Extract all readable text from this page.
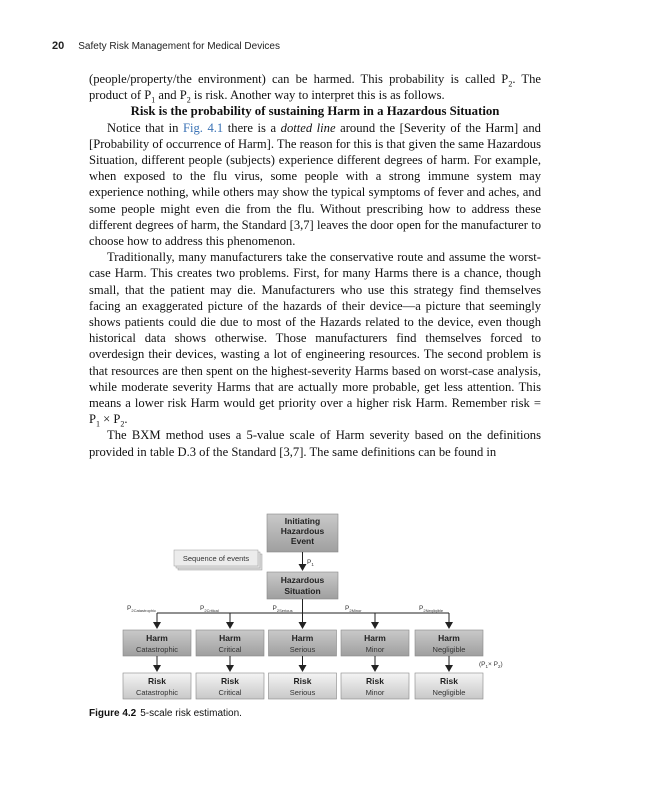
20 Safety Risk Management for Medical Devices

(people/property/the environment) can be harmed. This probability is called $P_2$. The product of $P_1$ and $P_2$ is risk. Another way to interpret this is as follows.

Risk is the probability of sustaining Harm in a Hazardous Situation

Notice that in Fig. 4.1 there is a dotted line around the [Severity of the Harm] and [Probability of occurrence of Harm]. The reason for this is that given the same Hazardous Situation, different people (subjects) experience different degrees of harm. For example, when exposed to the flu virus, some people with a strong immune system may experience nothing, while others may show the typical symptoms of fever and aches, and some people might even die from the flu. Without prescribing how to address these different degrees of harm, the Standard [3,7] leaves the door open for the manufacturer to choose how to address this phenomenon.

Traditionally, many manufacturers take the conservative route and assume the worst-case Harm. This creates two problems. First, for many Harms there is a chance, though small, that the patient may die. Manufacturers who use this strategy find themselves facing an exaggerated picture of the hazards of their device—a picture that seemingly shows patients could die due to most of the Hazards related to the device, even though historical data shows otherwise. Those manufacturers find themselves forced to overdesign their devices, wasting a lot of engineering resources. The second problem is that resources are then spent on the highest-severity Harms based on worst-case analysis, while moderate severity Harms that are actually more probable, get less attention. This means a lower risk Harm would get priority over a higher risk Harm. Remember risk = $P_1 \times P_2$.

The BXM method uses a 5-value scale of Harm severity based on the definitions provided in table D.3 of the Standard [3,7]. The same definitions can be found in

Initiating
Hazardous
Event
Sequence of events	$P_1$
Hazardous
Situation
$P_{2Catastrophic}$
Harm
Catastrophic
Risk
Catastrophic
$P_{2Critical}$
Harm
Critical
Risk
Critical
$P_{2Serious}$
Harm
Serious
Risk
Serious
$P_{2Minor}$
Harm
Minor
Risk
Minor
$P_{2Negligible}$
Harm
Negligible
Risk
Negligible
$(P_1\times P_2)$
Figure 4.2 5-scale risk estimation.
